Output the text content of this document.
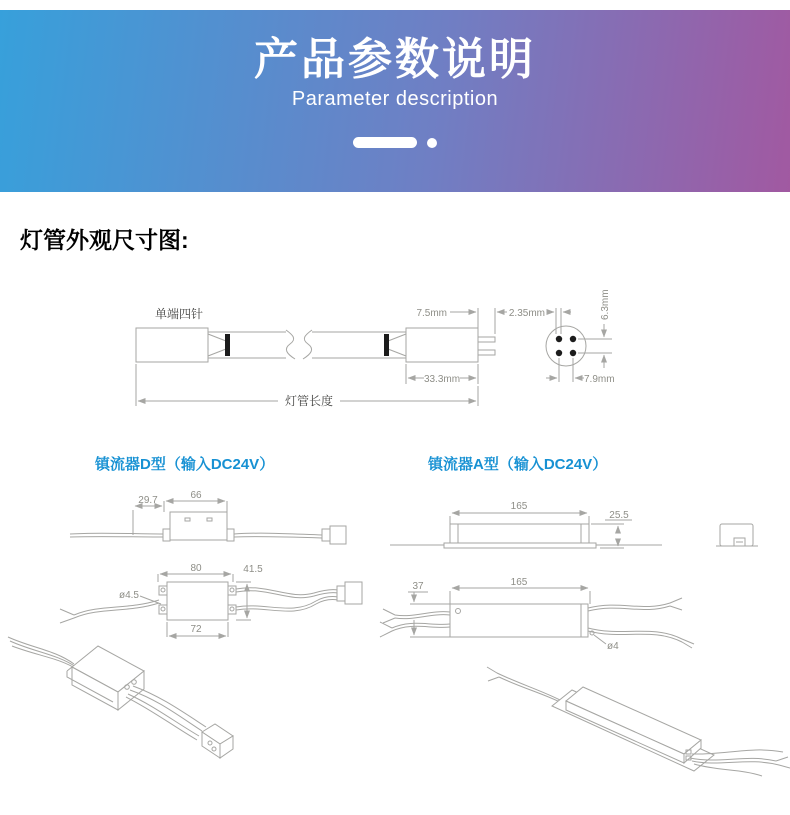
产品参数说明
Parameter description
灯管外观尺寸图:
镇流器D型（输入DC24V）	镇流器A型（输入DC24V）
单端四针	7.5mm
33.3mm
灯管长度
2.35mm	6.3mm
7.9mm
29.7	66
80	41.5
ø4.5
72
165
25.5
165
37
ø4
